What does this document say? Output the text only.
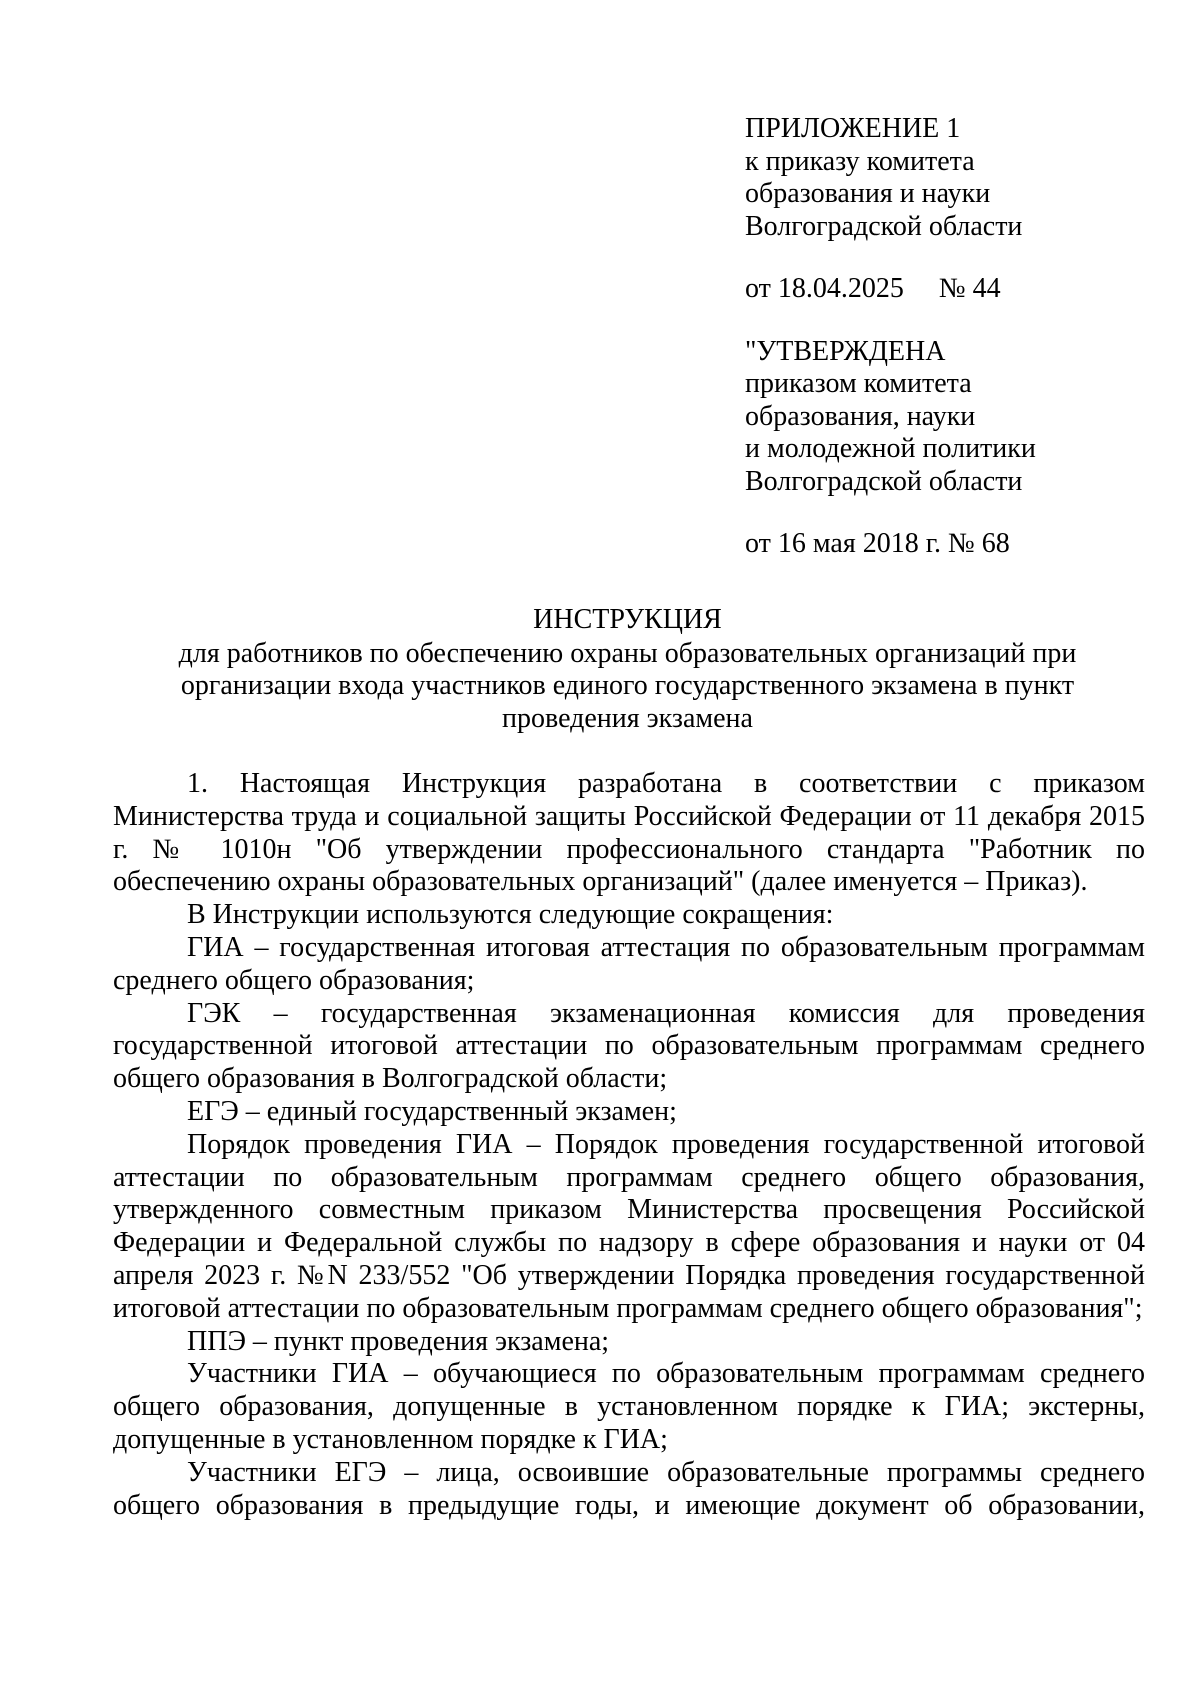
ПРИЛОЖЕНИЕ 1
к приказу комитета
образования и науки
Волгоградской области
от 18.04.2025 № 44
"УТВЕРЖДЕНА
приказом комитета
образования, науки
и молодежной политики
Волгоградской области
от 16 мая 2018 г. № 68
ИНСТРУКЦИЯ
для работников по обеспечению охраны образовательных организаций при организации входа участников единого государственного экзамена в пункт проведения экзамена

1. Настоящая Инструкция разработана в соответствии с приказом Министерства труда и социальной защиты Российской Федерации от 11 декабря 2015 г. № 1010н "Об утверждении профессионального стандарта "Работник по обеспечению охраны образовательных организаций" (далее именуется – Приказ).

В Инструкции используются следующие сокращения:

ГИА – государственная итоговая аттестация по образовательным программам среднего общего образования;

ГЭК – государственная экзаменационная комиссия для проведения государственной итоговой аттестации по образовательным программам среднего общего образования в Волгоградской области;

ЕГЭ – единый государственный экзамен;

Порядок проведения ГИА – Порядок проведения государственной итоговой аттестации по образовательным программам среднего общего образования, утвержденного совместным приказом Министерства просвещения Российской Федерации и Федеральной службы по надзору в сфере образования и науки от 04 апреля 2023 г. №N 233/552 "Об утверждении Порядка проведения государственной итоговой аттестации по образовательным программам среднего общего образования";

ППЭ – пункт проведения экзамена;

Участники ГИА – обучающиеся по образовательным программам среднего общего образования, допущенные в установленном порядке к ГИА; экстерны, допущенные в установленном порядке к ГИА;

Участники ЕГЭ – лица, освоившие образовательные программы среднего общего образования в предыдущие годы, и имеющие документ об образовании,
